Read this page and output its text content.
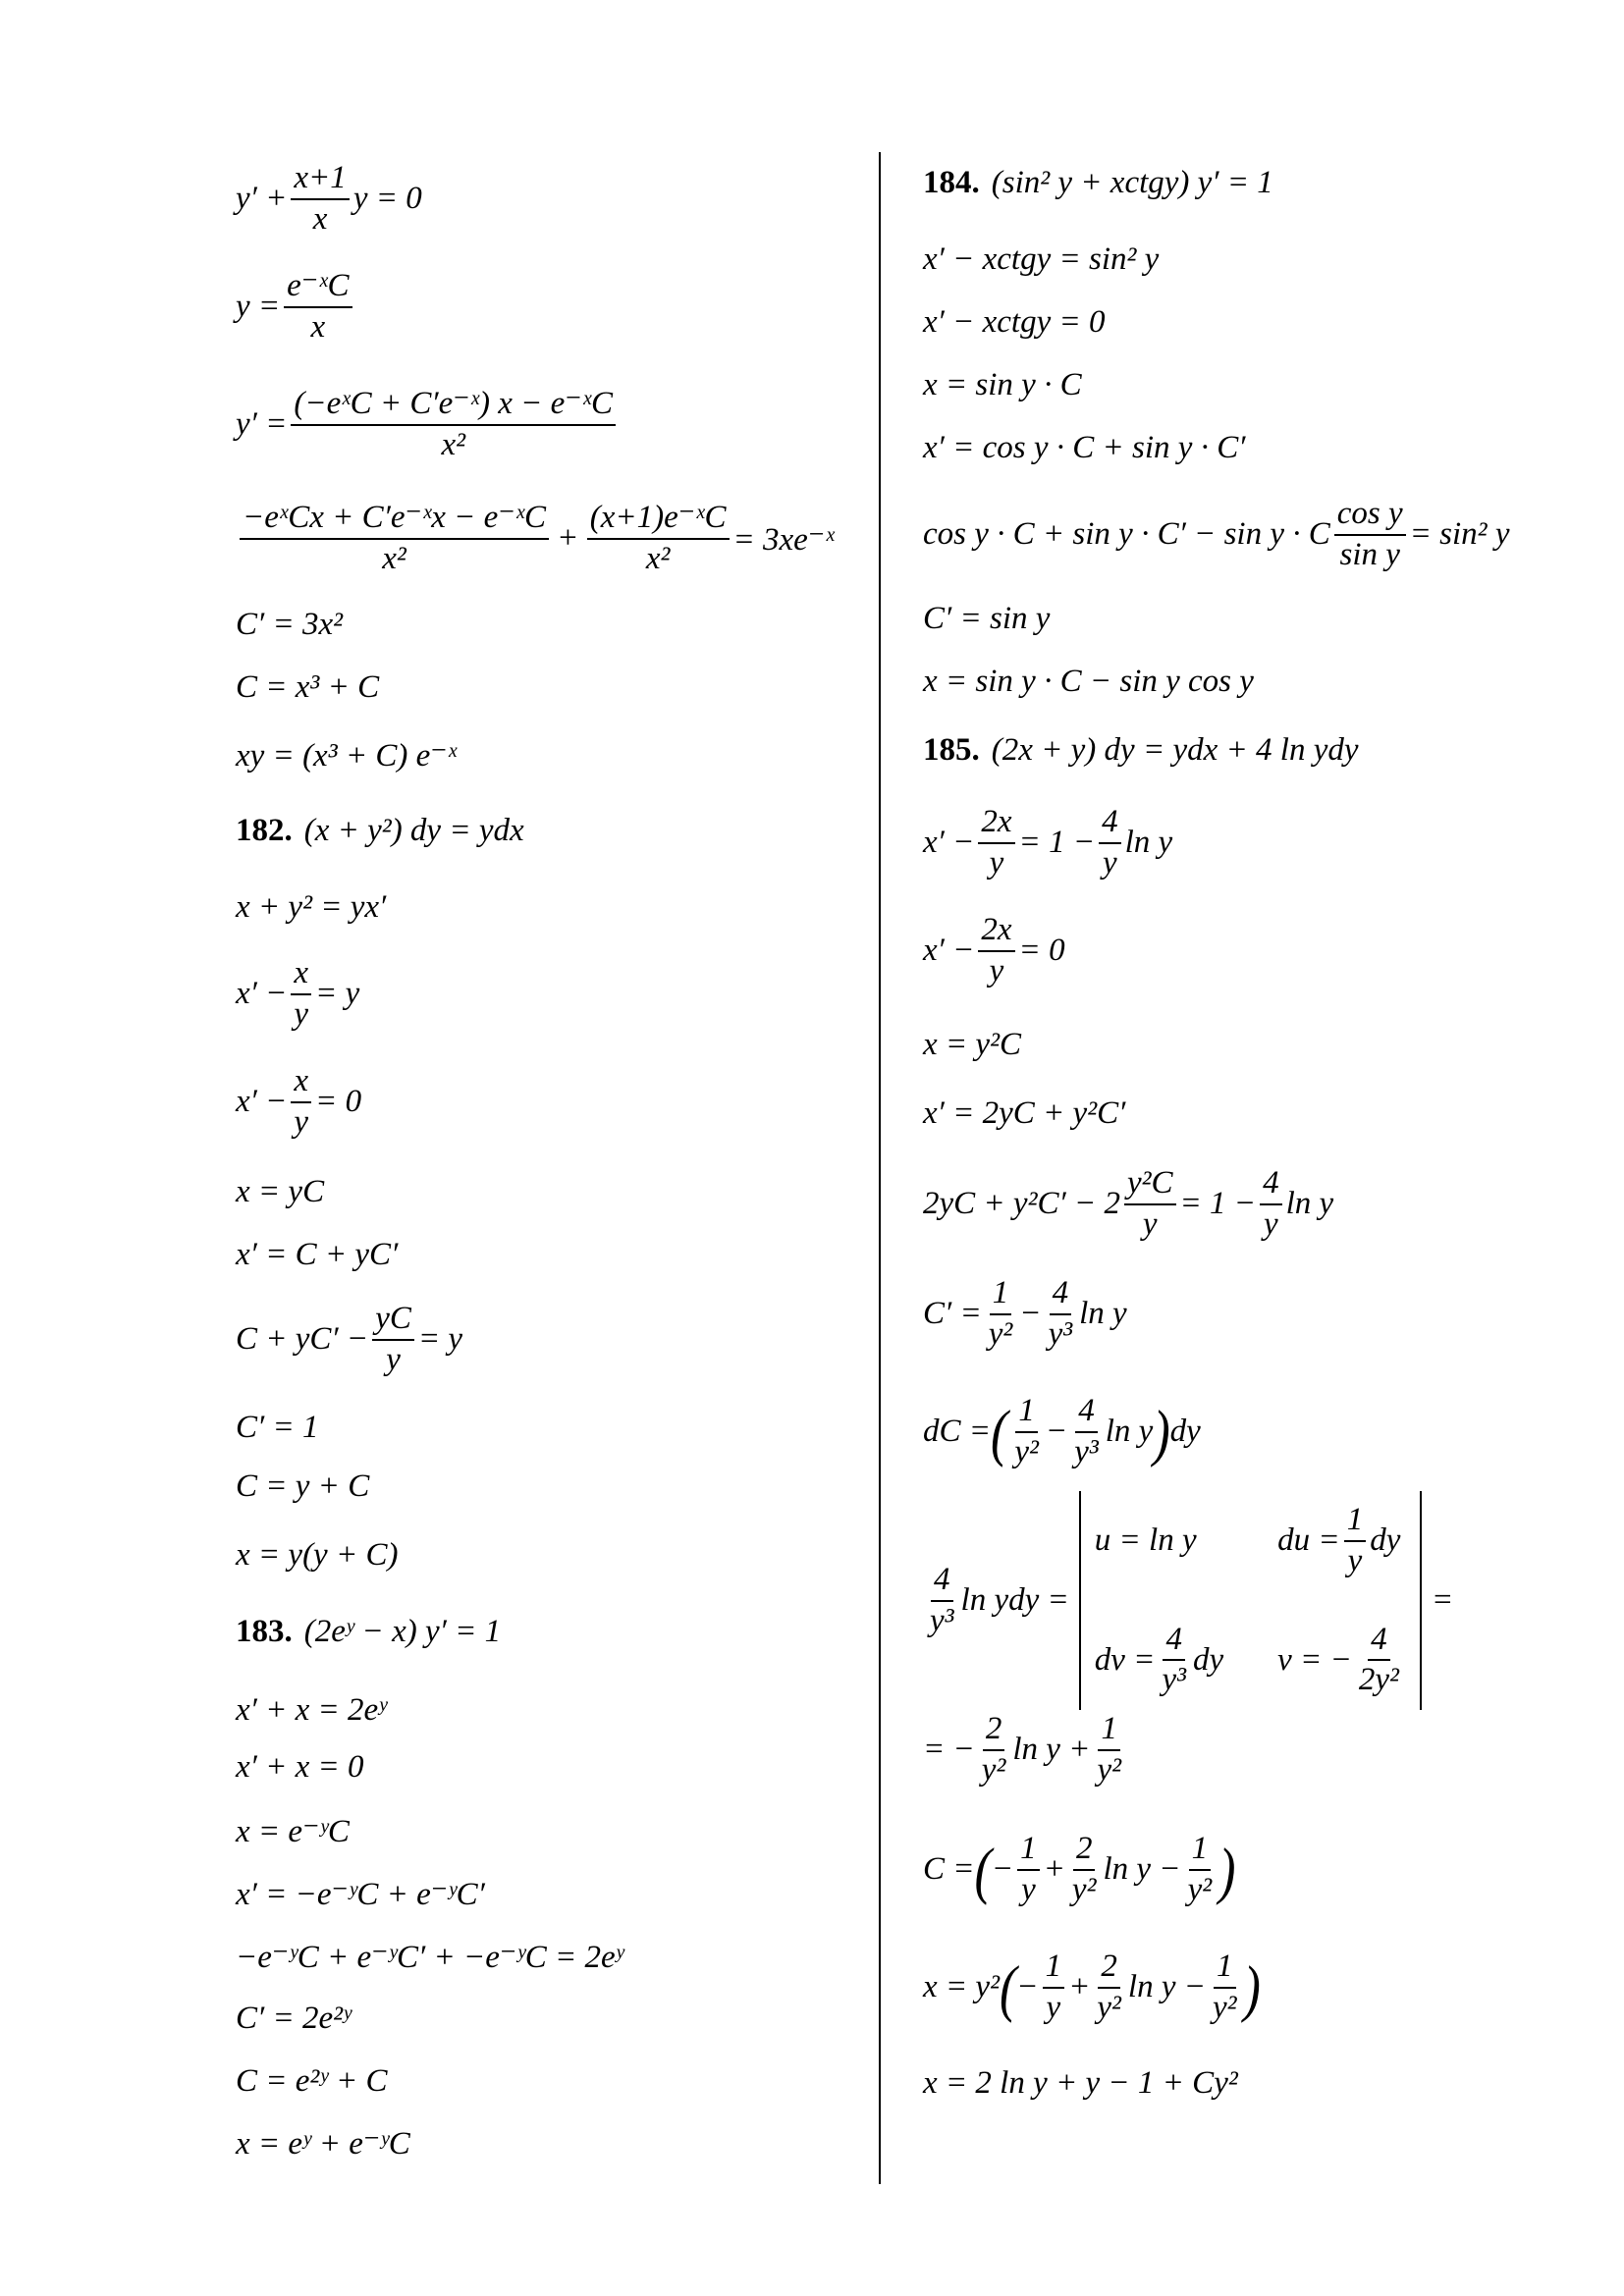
$y' + \frac{x+1}{x}$ y = 0
$y = \frac{\text{e⁻ˣC}}{x}$
$y' = \frac{\text{(−eˣC + C′e⁻ˣ) x − e⁻ˣC}}{\text{x²}}$
$\frac{\text{−eˣCx + C′e⁻ˣx − e⁻ˣC}}{\text{x²}} + \frac{\text{(x+1)e⁻ˣC}}{\text{x²}}$ = 3xe⁻ˣ
C′ = 3x²
C = x³ + C
xy = (x³ + C) e⁻ˣ
182. (x + y²) dy = ydx
x + y² = yx′
$x' - \frac{x}{y} = y$
$x' - \frac{x}{y} = 0$
x = yC
x′ = C + yC′
$C + yC' - \frac{yC}{y} = y$
C′ = 1
C = y + C
x = y(y + C)
183. (2eʸ − x) y′ = 1
x′ + x = 2eʸ
x′ + x = 0
x = e⁻ʸC
x′ = −e⁻ʸC + e⁻ʸC′
−e⁻ʸC + e⁻ʸC′ + −e⁻ʸC = 2eʸ
C′ = 2e²ʸ
C = e²ʸ + C
x = eʸ + e⁻ʸC
184. (sin² y + xctgy) y′ = 1
x′ − xctgy = sin² y
x′ − xctgy = 0
x = sin y · C
x′ = cos y · C + sin y · C′
cos y · C + sin y · C′ − sin y · C $\frac{\text{cos y}}{\text{sin y}} = \sin^2$ y
C′ = sin y
x = sin y · C − sin y cos y
185. (2x + y) dy = ydx + 4 ln ydy
$x' - \frac{2x}{y} = 1 - \frac{4}{y}$ ln y
$x' - \frac{2x}{y} = 0$
x = y²C
x′ = 2yC + y²C′
$2yC + y^2C' - 2 \frac{\text{y²C}}{y} = 1 - \frac{4}{y}$ ln y
$C' = \frac{1}{\text{y²}} - \frac{4}{\text{y³}}$ ln y
dC = ( $\frac{1}{\text{y²}} - \frac{4}{\text{y³}}$ ln y ) dy
$\frac{4}{\text{y³}}$ ln ydy =
u = ln y	du = $\frac{1}{y}$ dy
dv = $\frac{4}{\text{y³}}$ dy v = − $\frac{4}{\text{2y²}}$
=
= − $\frac{2}{\text{y²}}$ $\ln y + \frac{1}{\text{y²}}$
C = ( − $\frac{1}{y} + \frac{2}{\text{y²}}$ $\ln y - \frac{1}{\text{y²}}$ )
x = y² ( − $\frac{1}{y} + \frac{2}{\text{y²}}$ $\ln y - \frac{1}{\text{y²}}$ )
x = 2 ln y + y − 1 + Cy²
